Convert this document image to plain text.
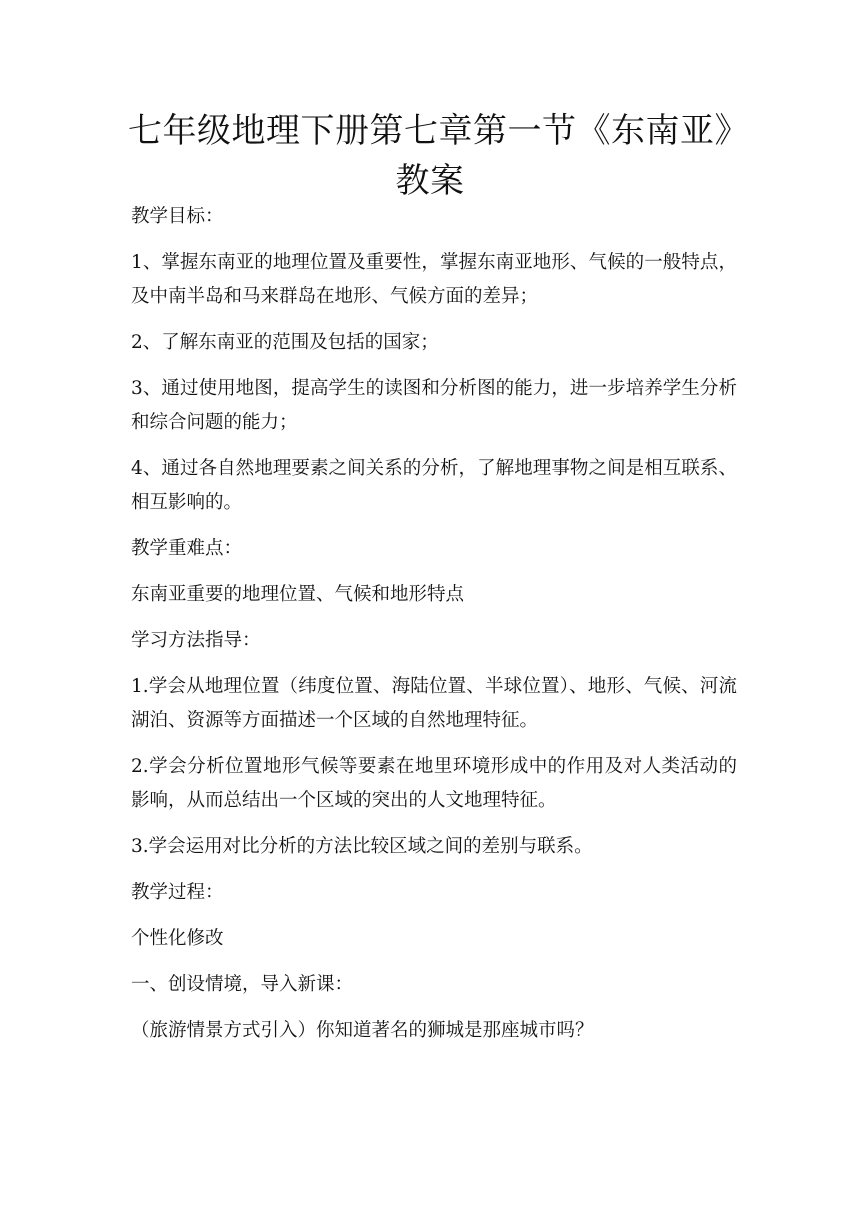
七年级地理下册第七章第一节《东南亚》教案

教学目标：

1、掌握东南亚的地理位置及重要性，掌握东南亚地形、气候的一般特点，及中南半岛和马来群岛在地形、气候方面的差异；

2、了解东南亚的范围及包括的国家；

3、通过使用地图，提高学生的读图和分析图的能力，进一步培养学生分析和综合问题的能力；

4、通过各自然地理要素之间关系的分析，了解地理事物之间是相互联系、相互影响的。

教学重难点：

东南亚重要的地理位置、气候和地形特点

学习方法指导：

1.学会从地理位置（纬度位置、海陆位置、半球位置）、地形、气候、河流湖泊、资源等方面描述一个区域的自然地理特征。

2.学会分析位置地形气候等要素在地里环境形成中的作用及对人类活动的影响，从而总结出一个区域的突出的人文地理特征。

3.学会运用对比分析的方法比较区域之间的差别与联系。

教学过程：

个性化修改

一、创设情境，导入新课：

（旅游情景方式引入）你知道著名的狮城是那座城市吗？
